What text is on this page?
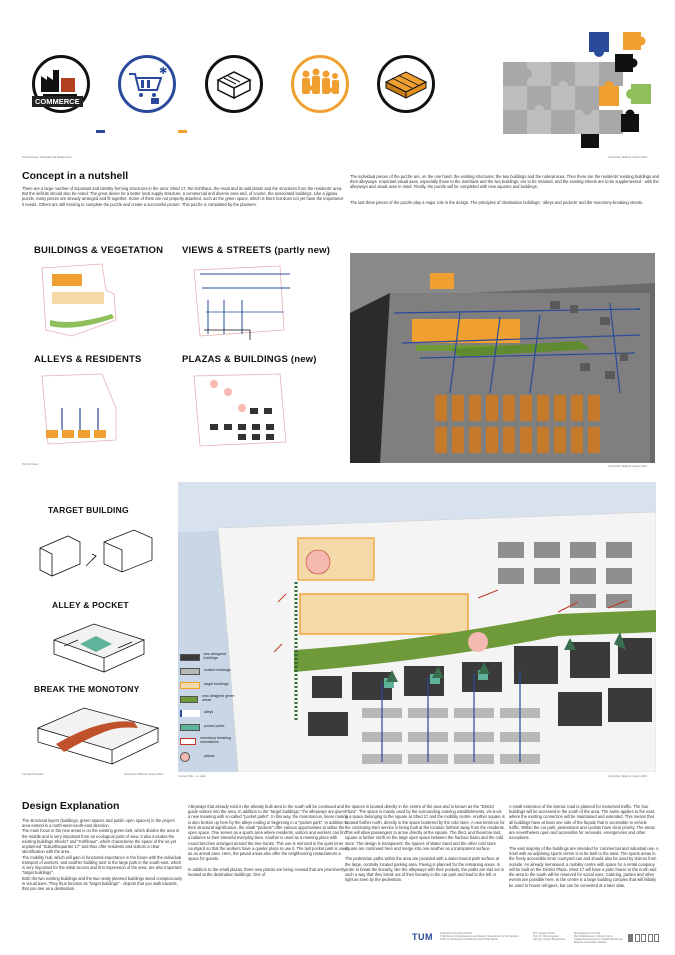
COMMERCE
✱
Puzzle Pieces: Potentials and Weaknesses	Ownership: Belarnie Jansen 2019
Concept in a nutshell
There are a large number of important and identity-forming structures in the area: Shed 17, the Kühlhaus, the moat and its wild plants and the structures from the residents' area. But the deficits should also be noted: The great desire for a better local supply structure, a commercial and diverse area and, of course, the associated buildings. Like a jigsaw puzzle, many pieces are already arranged and fit together. Some of them are not properly attached, such as the green space, which is there but does not yet have the importance it needs. Others are still missing to complete the puzzle and create a successful picture. This puzzle is completed by the planners.
The individual pieces of the puzzle are, on the one hand, the existing structures: the two buildings and the ruderal area. Then there are the residents' existing buildings and their alleyways. Important visual axes, especially those to the riverbank and the two buildings, are to be retained, and the existing streets are to be supplemented - with the alleyways and visual axes in mind. Finally, the puzzle will be completed with new squares and buildings.
The last three pieces of the puzzle play a major role in the design. The principles of 'destination buildings', 'alleys and pockets' and the monotony-breaking streets.
BUILDINGS & VEGETATION VIEWS & STREETS (partly new)
ALLEYS & RESIDENTS	PLAZAS & BUILDINGS (new)
Puzzle Pieces
Ownership: Belarnie Jansen 2019
TARGET BUILDING
ALLEY & POCKET
BREAK THE MONOTONY
Concept Principles	Ownership: Belarnie Jansen 2019
new designed buildings
existed buildings
target buildings
new designed green areas
alleys
pocket parks
monotony breaking orientations
plazas
Concept Plan - no scale	Ownership: Belarnie Jansen 2019
Design Explanation
The structural layers (buildings, green spaces and public open spaces) in the project area extend in a north-west-south-east direction.
The main focus in the new areas is on the existing green belt, which divides the area in the middle and is very important from an ecological point of view. It also includes the existing buildings Shed17 and "Kühlhaus", which characterise the space of the as yet unplanned "Zukunftsquartier 17" and thus offer residents and visitors a clear identification with the area.
The mobility hub, which will gain in functional importance in the future with the individual transport of workers, and another building next to the large park in the south-east, which is very important for the initial access and first impression of the area, are also important "target buildings".
Both the two existing buildings and the two newly planned buildings stand conspicuously in visual axes. They thus function as "target buildings" - objects that you walk towards, that you see as a destination.
Alleyways that already exist in the already built area to the south will be continued and guide visitors into the area. In addition to the "target buildings," the alleyways are given a new meaning with so-called "pocket parks". In this way, the monotonous, linear routing is also broken up here by the alleys ending or beginning in a "pocket park". In addition to their structural significance, the small "pockets" offer various opportunities to utilise the open space. One serves as a sports area where residents, visitors and workers can find a balance to their stressful everyday lives. Another is used as a meeting place with round benches arranged around the tree trunks. This use is mirrored in the quiet inner courtyard so that the workers have a quieter place to use it. The last pocket park is used as an arrival area. Here, the paved areas also offer the neighbouring restaurateurs a space for guests.

In addition to the small plazas, three new plazas are being created that are prominently located at the destination buildings. One of
the spaces is located directly in the centre of the area and is known as the "District Plaza". The space is mainly used by the surrounding catering establishments, vis-à-vis is a space belonging to the square at Shed 17 and the mobility centre. Another square is located further north, directly in the space bordered by the cold store. A new terminus for the continuing tram service is being built at the location furthest away from the residents. This will allow passengers to arrive directly at the square. The third, and therefore last, square is further north on the large open space between the harbour basin and the cold store. The design is transparent: the spaces of Water Sand and the other cold store square are continued here and merge into one another as a transparent surface.

The pedestrian paths within the area are provided with a water-bound path surface at the large, centrally located parking area. Paving is planned for the remaining areas. In order to break the linearity, like the alleyways with their pockets, the paths are laid out in such a way that they break out of their linearity in the car park and lead to the left or right as seen by the pedestrian.
A small extension of the tarmac road is planned for motorised traffic. The four buildings will be accessed in the south of the area. The same applies to the east, where the existing connection will be maintained and extended. This means that all buildings have at least one side of the façade that is accessible to vehicle traffic. Within the car park, pedestrians and cyclists have clear priority. The areas are nevertheless open and accessible for removals, emergencies and other exceptions.

The vast majority of the buildings are intended for commercial and industrial use. A hotel with an adjoining sports centre is to be built to the west. The sports areas in the freely accessible inner courtyard can and should also be used by visitors from outside. As already mentioned, a mobility centre with space for a rental company will be built on the District Plaza. Shed 17 will have a palm house to the north and the area to the south will be reserved for social uses. Catering, parties and other events are possible here. In the centre is a large building complex that will initially be used to house refugees, but can be converted at a later date.
TUM	Technical University Munich
TUM School of Engineering and Design | Department of Architecture
Chair of Landscape Architecture and Public Space
Prof. Regine Keller
Prof. Dr. Ulla Heyderer
Dipl.Ing. Gertan Bürgpresse
Masterproject FH TUM
Bernt Bosshausen | Florian Gehrt
Stadtentwicklungsrinne Südlich Bensteiner
Belarnie Hernandez Salazar
